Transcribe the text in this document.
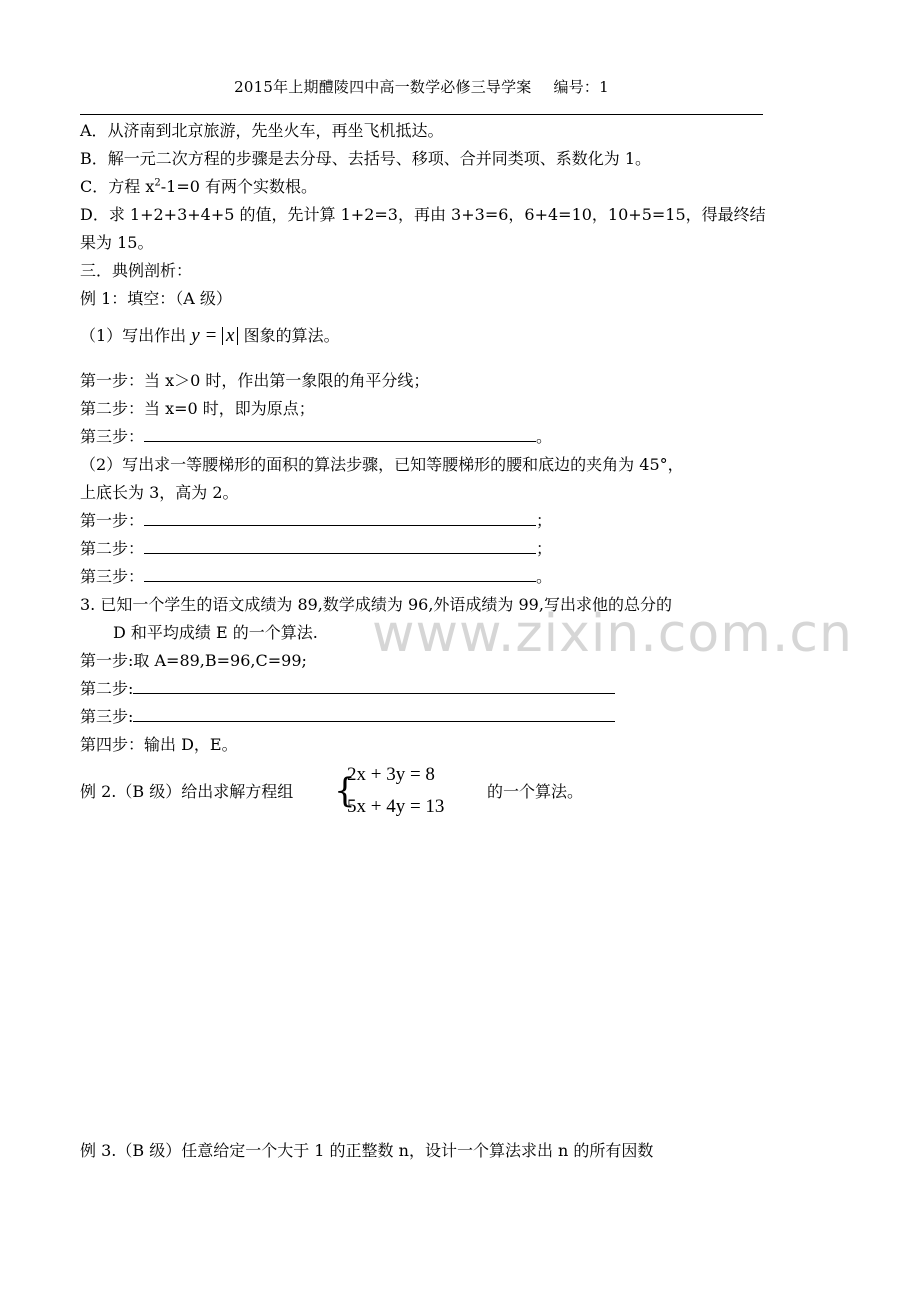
2015年上期醴陵四中高一数学必修三导学案 编号：1
www.zixin.com.cn
A．从济南到北京旅游，先坐火车，再坐飞机抵达。
B．解一元二次方程的步骤是去分母、去括号、移项、合并同类项、系数化为 1。
C．方程 $x^2-1=0$ 有两个实数根。
D．求 1+2+3+4+5 的值，先计算 1+2=3，再由 3+3=6，6+4=10，10+5=15，得最终结
果为 15。
三．典例剖析：
例 1：填空：（A 级）
（1）写出作出 y = x 图象的算法。
第一步：当 x＞0 时，作出第一象限的角平分线；
第二步：当 x=0 时，即为原点；
第三步：	。
（2）写出求一等腰梯形的面积的算法步骤，已知等腰梯形的腰和底边的夹角为 45°，
上底长为 3，高为 2。
第一步：	；
第二步：	；
第三步：	。
3. 已知一个学生的语文成绩为 89,数学成绩为 96,外语成绩为 99,写出求他的总分的
D 和平均成绩 E 的一个算法.
第一步:取 A=89,B=96,C=99;
第二步:
第三步:
第四步：输出 D，E。
例 2.（B 级）给出求解方程组 {
2x + 3y = 8
5x + 4y = 13
的一个算法。
例 3.（B 级）任意给定一个大于 1 的正整数 n，设计一个算法求出 n 的所有因数
